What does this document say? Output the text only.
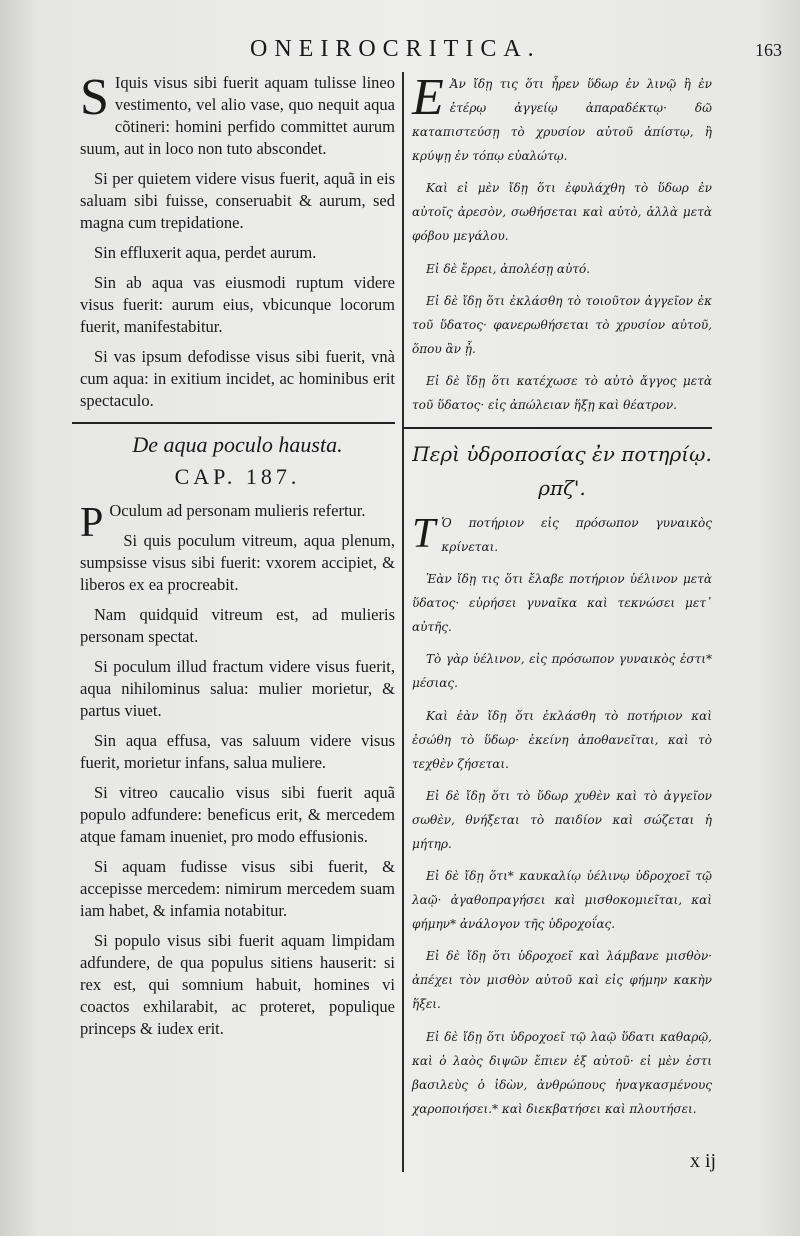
ONEIROCRITICA.	163

S Iquis visus sibi fuerit aquam tulisse lineo vestimento, vel alio vase, quo nequit aqua cõtineri: homini perfido committet aurum suum, aut in loco non tuto abscondet.

Si per quietem videre visus fuerit, aquã in eis saluam sibi fuisse, conseruabit & aurum, sed magna cum trepidatione.

Sin effluxerit aqua, perdet aurum.

Sin ab aqua vas eiusmodi ruptum videre visus fuerit: aurum eius, vbicunque locorum fuerit, manifestabitur.

Si vas ipsum defodisse visus sibi fuerit, vnà cum aqua: in exitium incidet, ac hominibus erit spectaculo.

De aqua poculo hausta.
CAP. 187.

P Oculum ad personam mulieris refertur.

Si quis poculum vitreum, aqua plenum, sumpsisse visus sibi fuerit: vxorem accipiet, & liberos ex ea procreabit.

Nam quidquid vitreum est, ad mulieris personam spectat.

Si poculum illud fractum videre visus fuerit, aqua nihilominus salua: mulier morietur, & partus viuet.

Sin aqua effusa, vas saluum videre visus fuerit, morietur infans, salua muliere.

Si vitreo caucalio visus sibi fuerit aquã populo adfundere: beneficus erit, & mercedem atque famam inueniet, pro modo effusionis.

Si aquam fudisse visus sibi fuerit, & accepisse mercedem: nimirum mercedem suam iam habet, & infamia notabitur.

Si populo visus sibi fuerit aquam limpidam adfundere, de qua populus sitiens hauserit: si rex est, qui somnium habuit, homines vi coactos exhilarabit, ac proteret, populique princeps & iudex erit.

E Ἀν ἴδῃ τις ὅτι ἦρεν ὕδωρ ἐν λινῷ ἢ ἐν ἑτέρῳ ἀγγείῳ ἀπαραδέκτῳ· δῶ καταπιστεύσῃ τὸ χρυσίον αὐτοῦ ἀπίστῳ, ἢ κρύψῃ ἐν τόπῳ εὐαλώτῳ.

Καὶ εἰ μὲν ἴδῃ ὅτι ἐφυλάχθη τὸ ὕδωρ ἐν αὐτοῖς ἀρεσὸν, σωθήσεται καὶ αὐτὸ, ἀλλὰ μετὰ φόβου μεγάλου.

Εἰ δὲ ἔρρει, ἀπολέσῃ αὐτό.

Εἰ δὲ ἴδῃ ὅτι ἐκλάσθη τὸ τοιοῦτον ἀγγεῖον ἐκ τοῦ ὕδατος· φανερωθήσεται τὸ χρυσίον αὐτοῦ, ὅπου ἂν ᾖ.

Εἰ δὲ ἴδῃ ὅτι κατέχωσε τὸ αὐτὸ ἄγγος μετὰ τοῦ ὕδατος· εἰς ἀπώλειαν ἥξῃ καὶ θέατρον.

Περὶ ὑδροποσίας ἐν ποτηρίῳ. ρπζ'.

T Ὁ ποτήριον εἰς πρόσωπον γυναικὸς κρίνεται.

Ἐὰν ἴδῃ τις ὅτι ἔλαβε ποτήριον ὑέλινον μετὰ ὕδατος· εὑρήσει γυναῖκα καὶ τεκνώσει μετ᾽ αὐτῆς.

Τὸ γὰρ ὑέλινον, εἰς πρόσωπον γυναικὸς ἐστι* μέσιας.

Καὶ ἐὰν ἴδῃ ὅτι ἐκλάσθη τὸ ποτήριον καὶ ἐσώθη τὸ ὕδωρ· ἐκείνη ἀποθανεῖται, καὶ τὸ τεχθὲν ζήσεται.

Εἰ δὲ ἴδῃ ὅτι τὸ ὕδωρ χυθὲν καὶ τὸ ἀγγεῖον σωθὲν, θνήξεται τὸ παιδίον καὶ σώζεται ἡ μήτηρ.

Εἰ δὲ ἴδῃ ὅτι* καυκαλίῳ ὑέλινῳ ὑδροχοεῖ τῷ λαῷ· ἀγαθοπραγήσει καὶ μισθοκομιεῖται, καὶ φήμην* ἀνάλογον τῆς ὑδροχοΐας.

Εἰ δὲ ἴδῃ ὅτι ὑδροχοεῖ καὶ λάμβανε μισθὸν· ἀπέχει τὸν μισθὸν αὐτοῦ καὶ εἰς φήμην κακὴν ἥξει.

Εἰ δὲ ἴδῃ ὅτι ὑδροχοεῖ τῷ λαῷ ὕδατι καθαρῷ, καὶ ὁ λαὸς διψῶν ἔπιεν ἐξ αὐτοῦ· εἰ μὲν ἐστι βασιλεὺς ὁ ἰδὼν, ἀνθρώπους ἠναγκασμένους χαροποιήσει.* καὶ διεκβατήσει καὶ πλουτήσει.

x ij
